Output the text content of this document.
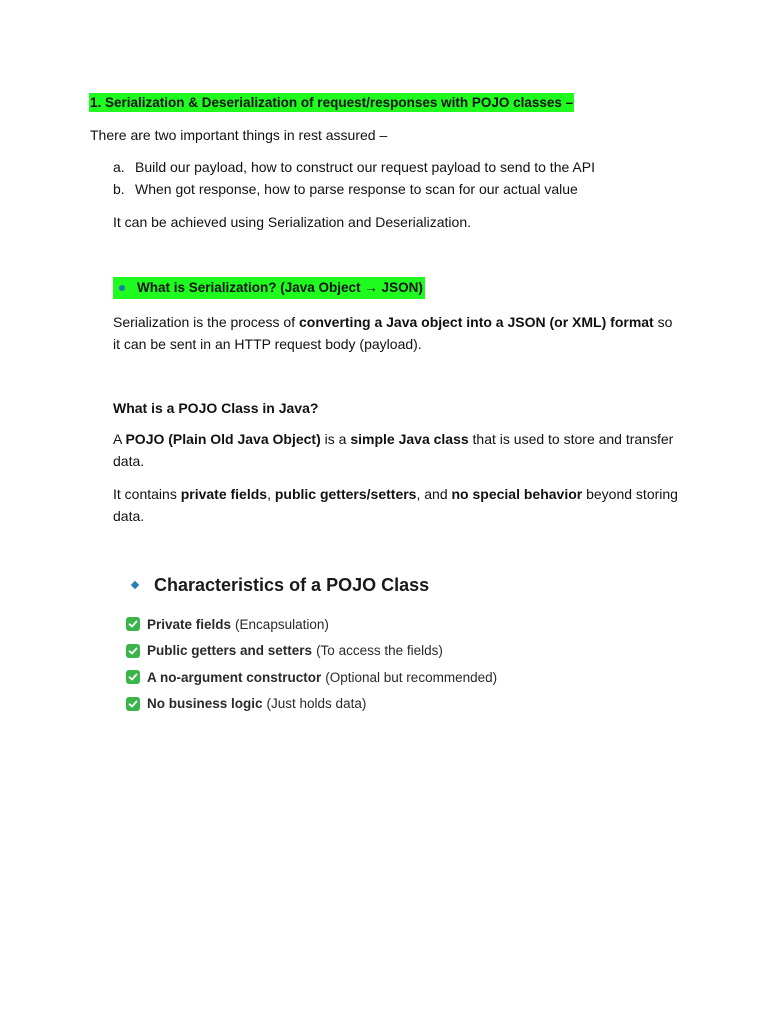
1. Serialization & Deserialization of request/responses with POJO classes –

There are two important things in rest assured –

a. Build our payload, how to construct our request payload to send to the API
b. When got response, how to parse response to scan for our actual value

It can be achieved using Serialization and Deserialization.

What is Serialization? (Java Object → JSON)

Serialization is the process of converting a Java object into a JSON (or XML) format so it can be sent in an HTTP request body (payload).

What is a POJO Class in Java?

A POJO (Plain Old Java Object) is a simple Java class that is used to store and transfer data.

It contains private fields, public getters/setters, and no special behavior beyond storing data.

Characteristics of a POJO Class
Private fields (Encapsulation)
Public getters and setters (To access the fields)
A no-argument constructor (Optional but recommended)
No business logic (Just holds data)
